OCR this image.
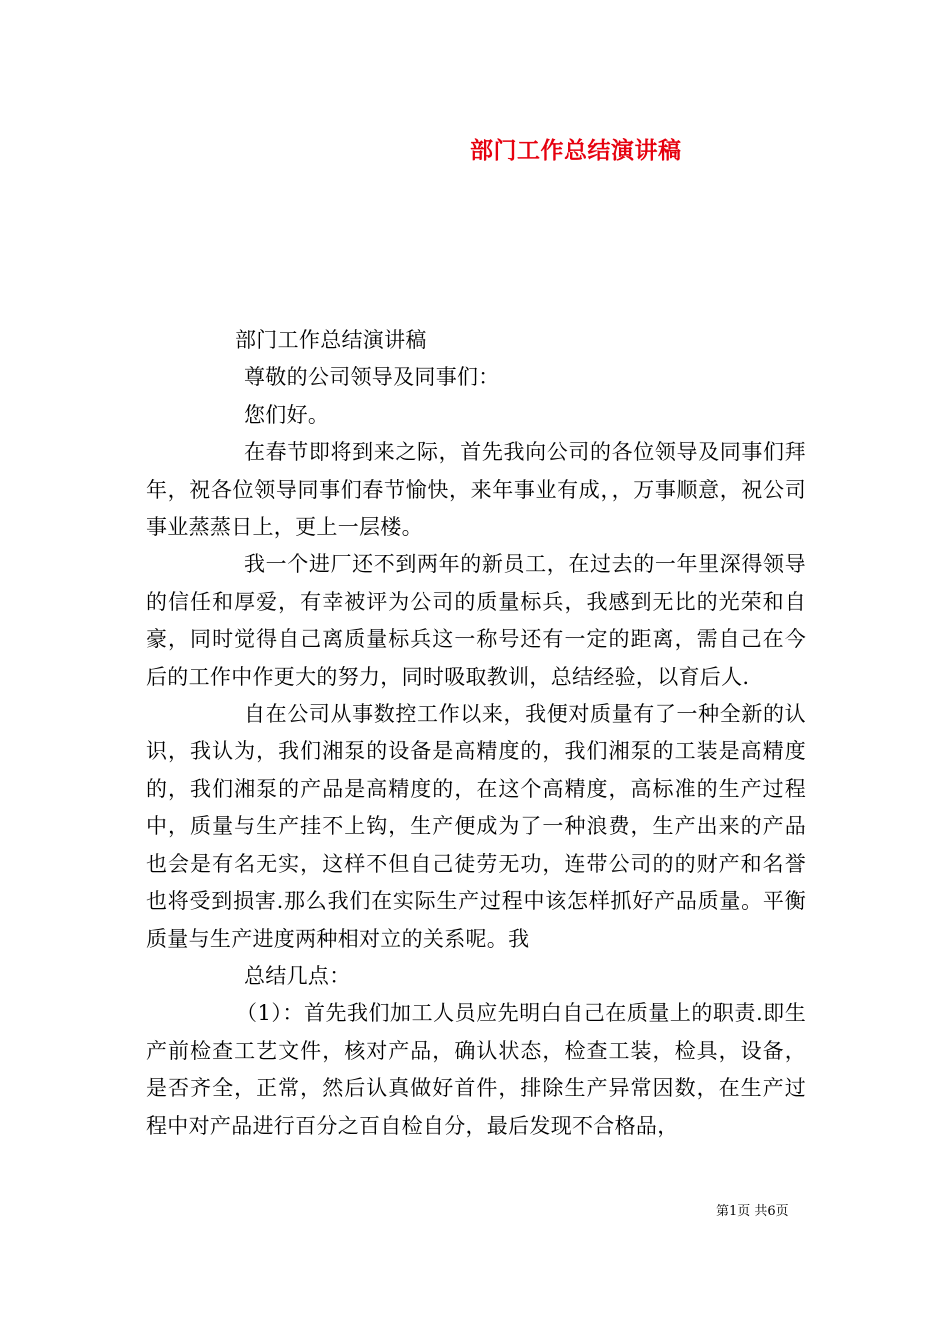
部门工作总结演讲稿

部门工作总结演讲稿

尊敬的公司领导及同事们：

您们好。

在春节即将到来之际，首先我向公司的各位领导及同事们拜年，祝各位领导同事们春节愉快，来年事业有成，，万事顺意，祝公司事业蒸蒸日上，更上一层楼。

我一个进厂还不到两年的新员工，在过去的一年里深得领导的信任和厚爱，有幸被评为公司的质量标兵，我感到无比的光荣和自豪，同时觉得自己离质量标兵这一称号还有一定的距离，需自己在今后的工作中作更大的努力，同时吸取教训，总结经验，以育后人.

自在公司从事数控工作以来，我便对质量有了一种全新的认识，我认为，我们湘泵的设备是高精度的，我们湘泵的工装是高精度的，我们湘泵的产品是高精度的，在这个高精度，高标准的生产过程中，质量与生产挂不上钩，生产便成为了一种浪费，生产出来的产品也会是有名无实，这样不但自己徒劳无功，连带公司的的财产和名誉也将受到损害.那么我们在实际生产过程中该怎样抓好产品质量。平衡质量与生产进度两种相对立的关系呢。我

总结几点：

（1）：首先我们加工人员应先明白自己在质量上的职责.即生产前检查工艺文件，核对产品，确认状态，检查工装，检具，设备，是否齐全，正常，然后认真做好首件，排除生产异常因数，在生产过程中对产品进行百分之百自检自分，最后发现不合格品，

第1页 共6页
